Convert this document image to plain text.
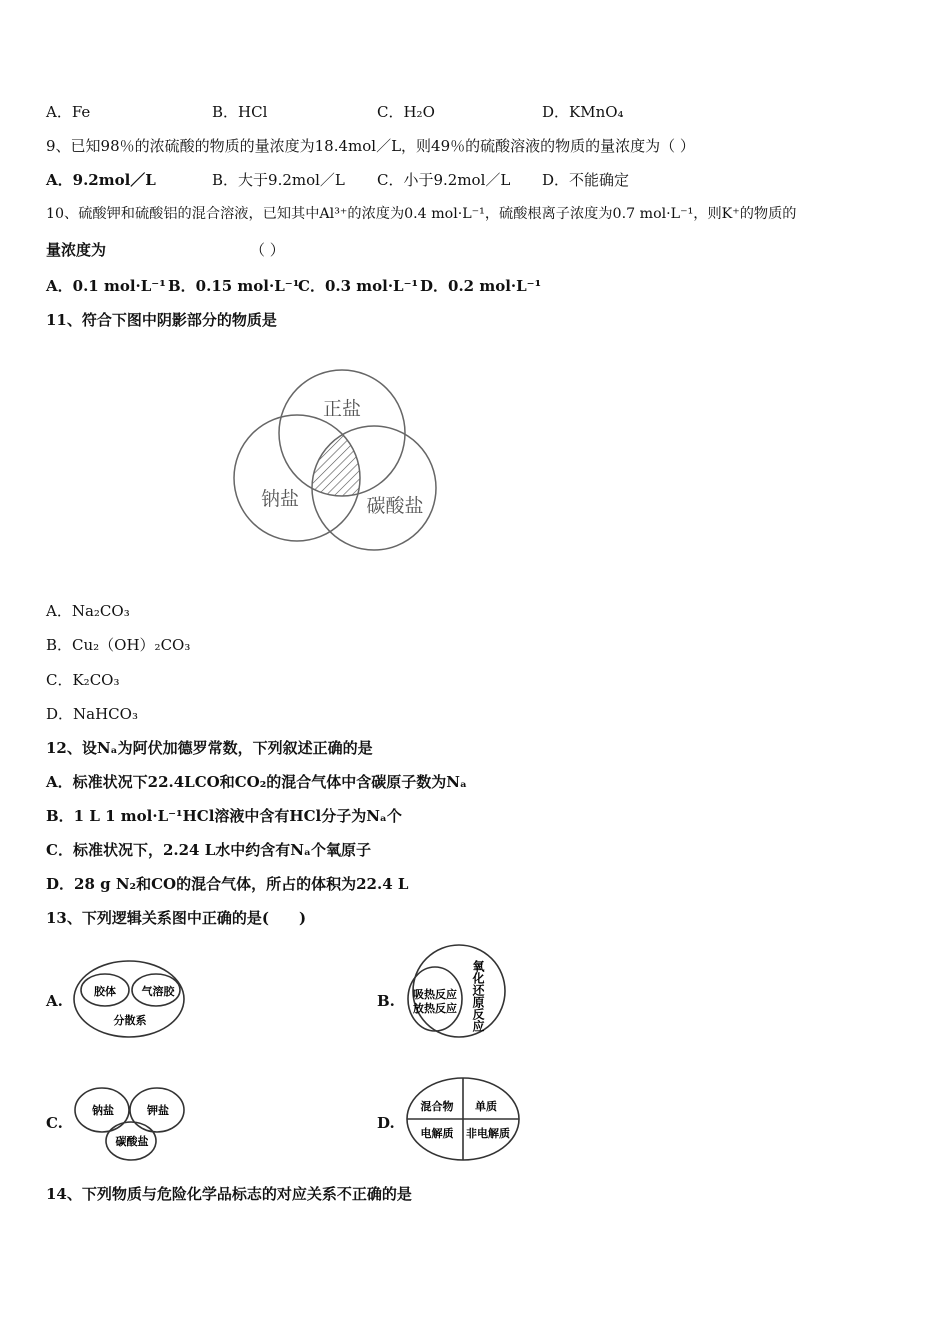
A．Fe	B．HCl	C．H₂O	D．KMnO₄
9、已知98％的浓硫酸的物质的量浓度为18.4mol／L，则49％的硫酸溶液的物质的量浓度为（ ）
A．9.2mol／L	B．大于9.2mol／L C．小于9.2mol／L D．不能确定
10、硫酸钾和硫酸铝的混合溶液，已知其中Al³⁺的浓度为0.4 mol·L⁻¹，硫酸根离子浓度为0.7 mol·L⁻¹，则K⁺的物质的
量浓度为	（ ）
A．0.1 mol·L⁻¹ B．0.15 mol·L⁻¹
C．0.3 mol·L⁻¹ D．0.2 mol·L⁻¹
11、符合下图中阴影部分的物质是
正盐
钠盐	碳酸盐
A．Na₂CO₃
B．Cu₂（OH）₂CO₃
C．K₂CO₃
D．NaHCO₃
12、设Nₐ为阿伏加德罗常数，下列叙述正确的是
A．标准状况下22.4LCO和CO₂的混合气体中含碳原子数为Nₐ
B．1 L 1 mol·L⁻¹HCl溶液中含有HCl分子为Nₐ个
C．标准状况下，2.24 L水中约含有Nₐ个氧原子
D．28 g N₂和CO的混合气体，所占的体积为22.4 L
13、下列逻辑关系图中正确的是(　　)
A.
胶体 气溶胶
分散系
B. 吸热反应
放热反应 氧化还原反应
C.
钠盐	钾盐
碳酸盐
D.
混合物 单质
电解质 非电解质
14、下列物质与危险化学品标志的对应关系不正确的是
